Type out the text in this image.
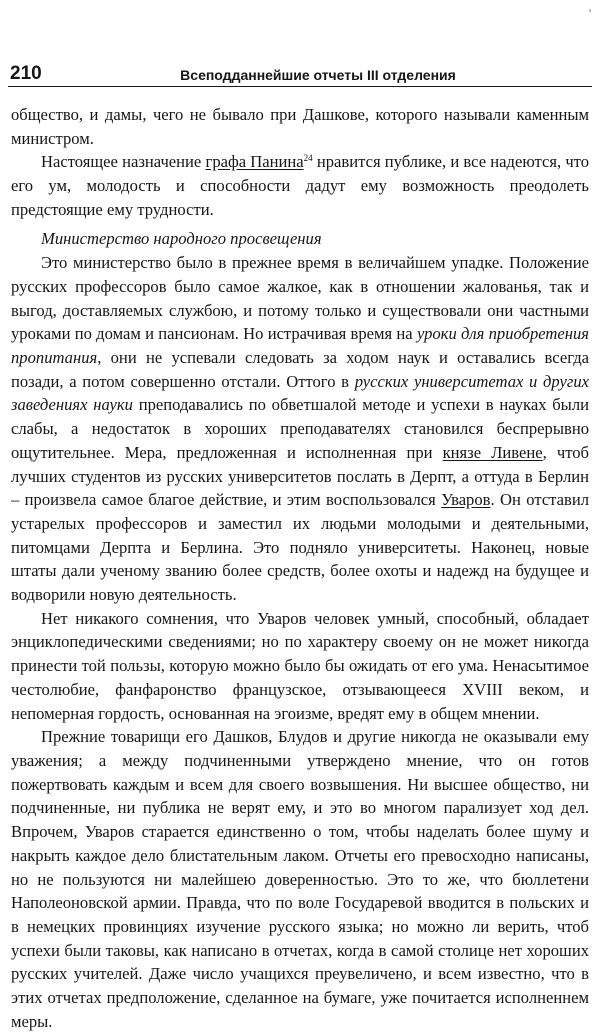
'
210	Всеподданнейшие отчеты III отделения

общество, и дамы, чего не бывало при Дашкове, которого называли каменным министром.

Настоящее назначение графа Панина$^{24}$ нравится публике, и все надеются, что его ум, молодость и способности дадут ему возможность преодолеть предстоящие ему трудности.

Министерство народного просвещения

Это министерство было в прежнее время в величайшем упадке. Положение русских профессоров было самое жалкое, как в отношении жалованья, так и выгод, доставляемых службою, и потому только и существовали они частными уроками по домам и пансионам. Но истрачивая время на уроки для приобретения пропитания, они не успевали следовать за ходом наук и оставались всегда позади, а потом совершенно отстали. Оттого в русских университетах и других заведениях науки преподавались по обветшалой методе и успехи в науках были слабы, а недостаток в хороших преподавателях становился беспрерывно ощутительнее. Мера, предложенная и исполненная при князе Ливене, чтоб лучших студентов из русских университетов послать в Дерпт, а оттуда в Берлин – произвела самое благое действие, и этим воспользовался Уваров. Он отставил устарелых профессоров и заместил их людьми молодыми и деятельными, питомцами Дерпта и Берлина. Это подняло университеты. Наконец, новые штаты дали ученому званию более средств, более охоты и надежд на будущее и водворили новую деятельность.

Нет никакого сомнения, что Уваров человек умный, способный, обладает энциклопедическими сведениями; но по характеру своему он не может никогда принести той пользы, которую можно было бы ожидать от его ума. Ненасытимое честолюбие, фанфаронство французское, отзывающееся XVIII веком, и непомерная гордость, основанная на эгоизме, вредят ему в общем мнении.

Прежние товарищи его Дашков, Блудов и другие никогда не оказывали ему уважения; а между подчиненными утверждено мнение, что он готов пожертвовать каждым и всем для своего возвышения. Ни высшее общество, ни подчиненные, ни публика не верят ему, и это во многом парализует ход дел. Впрочем, Уваров старается единственно о том, чтобы наделать более шуму и накрыть каждое дело блистательным лаком. Отчеты его превосходно написаны, но не пользуются ни малейшею доверенностью. Это то же, что бюллетени Наполеоновской армии. Правда, что по воле Государевой вводится в польских и в немецких провинциях изучение русского языка; но можно ли верить, чтоб успехи были таковы, как написано в отчетах, когда в самой столице нет хороших русских учителей. Даже число учащихся преувеличено, и всем известно, что в этих отчетах предположение, сделанное на бумаге, уже почитается исполненнем меры.
